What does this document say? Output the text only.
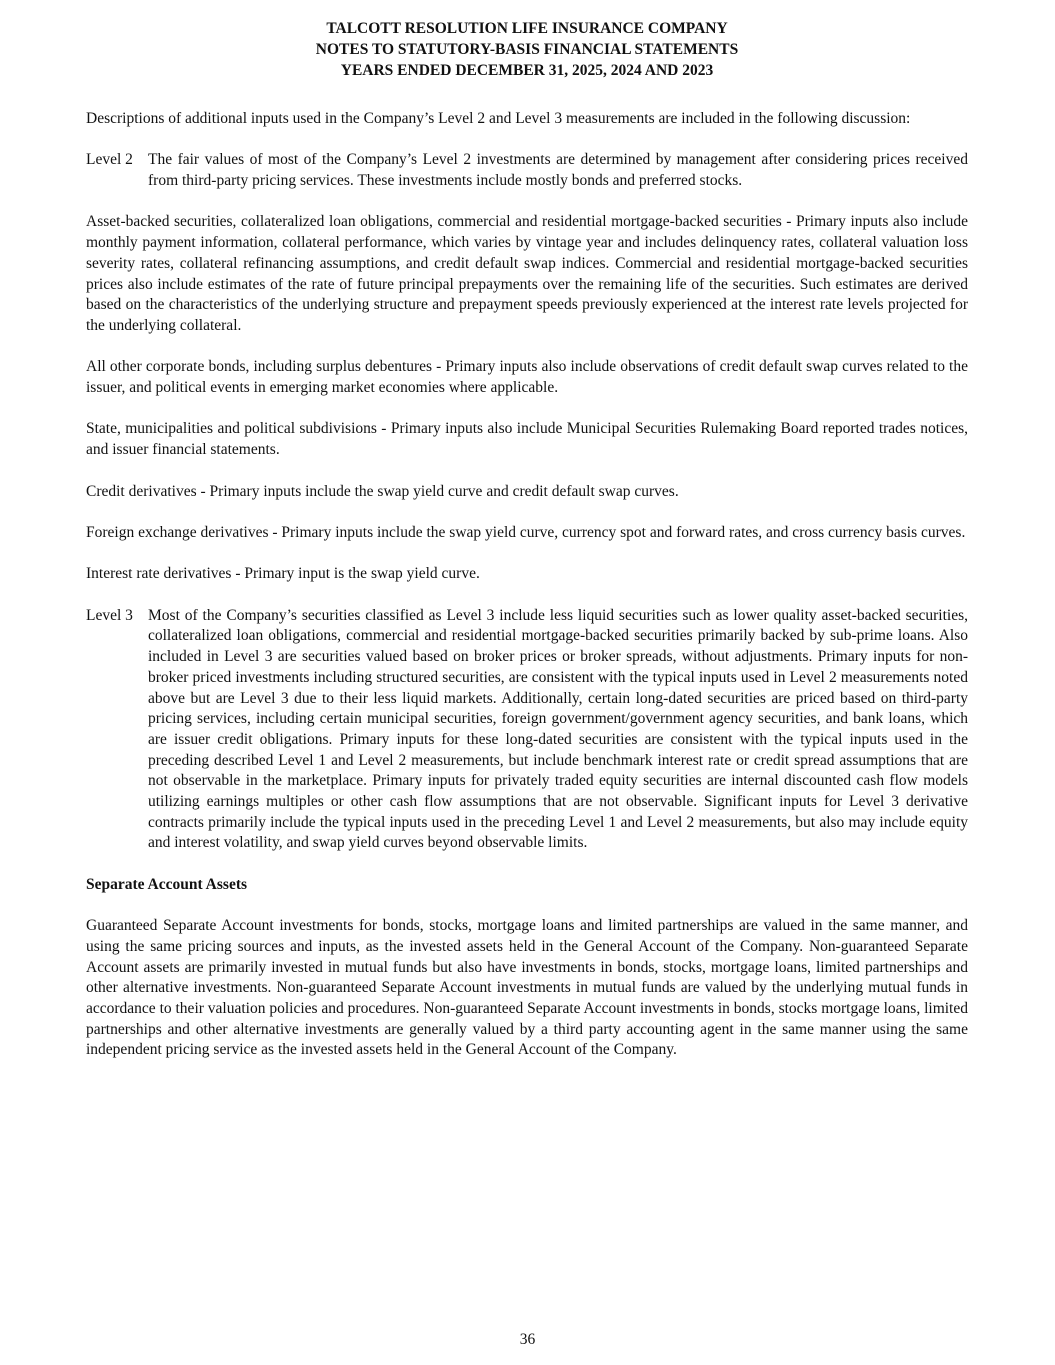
TALCOTT RESOLUTION LIFE INSURANCE COMPANY
NOTES TO STATUTORY-BASIS FINANCIAL STATEMENTS
YEARS ENDED DECEMBER 31, 2025, 2024 AND 2023

Descriptions of additional inputs used in the Company’s Level 2 and Level 3 measurements are included in the following discussion:

Level 2 The fair values of most of the Company’s Level 2 investments are determined by management after considering prices received from third-party pricing services. These investments include mostly bonds and preferred stocks.

Asset-backed securities, collateralized loan obligations, commercial and residential mortgage-backed securities - Primary inputs also include monthly payment information, collateral performance, which varies by vintage year and includes delinquency rates, collateral valuation loss severity rates, collateral refinancing assumptions, and credit default swap indices. Commercial and residential mortgage-backed securities prices also include estimates of the rate of future principal prepayments over the remaining life of the securities. Such estimates are derived based on the characteristics of the underlying structure and prepayment speeds previously experienced at the interest rate levels projected for the underlying collateral.

All other corporate bonds, including surplus debentures - Primary inputs also include observations of credit default swap curves related to the issuer, and political events in emerging market economies where applicable.

State, municipalities and political subdivisions - Primary inputs also include Municipal Securities Rulemaking Board reported trades notices, and issuer financial statements.

Credit derivatives - Primary inputs include the swap yield curve and credit default swap curves.

Foreign exchange derivatives - Primary inputs include the swap yield curve, currency spot and forward rates, and cross currency basis curves.

Interest rate derivatives - Primary input is the swap yield curve.

Level 3 Most of the Company’s securities classified as Level 3 include less liquid securities such as lower quality asset-backed securities, collateralized loan obligations, commercial and residential mortgage-backed securities primarily backed by sub-prime loans. Also included in Level 3 are securities valued based on broker prices or broker spreads, without adjustments. Primary inputs for non-broker priced investments including structured securities, are consistent with the typical inputs used in Level 2 measurements noted above but are Level 3 due to their less liquid markets. Additionally, certain long-dated securities are priced based on third-party pricing services, including certain municipal securities, foreign government/government agency securities, and bank loans, which are issuer credit obligations. Primary inputs for these long-dated securities are consistent with the typical inputs used in the preceding described Level 1 and Level 2 measurements, but include benchmark interest rate or credit spread assumptions that are not observable in the marketplace. Primary inputs for privately traded equity securities are internal discounted cash flow models utilizing earnings multiples or other cash flow assumptions that are not observable. Significant inputs for Level 3 derivative contracts primarily include the typical inputs used in the preceding Level 1 and Level 2 measurements, but also may include equity and interest volatility, and swap yield curves beyond observable limits.
Separate Account Assets

Guaranteed Separate Account investments for bonds, stocks, mortgage loans and limited partnerships are valued in the same manner, and using the same pricing sources and inputs, as the invested assets held in the General Account of the Company. Non-guaranteed Separate Account assets are primarily invested in mutual funds but also have investments in bonds, stocks, mortgage loans, limited partnerships and other alternative investments. Non-guaranteed Separate Account investments in mutual funds are valued by the underlying mutual funds in accordance to their valuation policies and procedures. Non-guaranteed Separate Account investments in bonds, stocks mortgage loans, limited partnerships and other alternative investments are generally valued by a third party accounting agent in the same manner using the same independent pricing service as the invested assets held in the General Account of the Company.

36
